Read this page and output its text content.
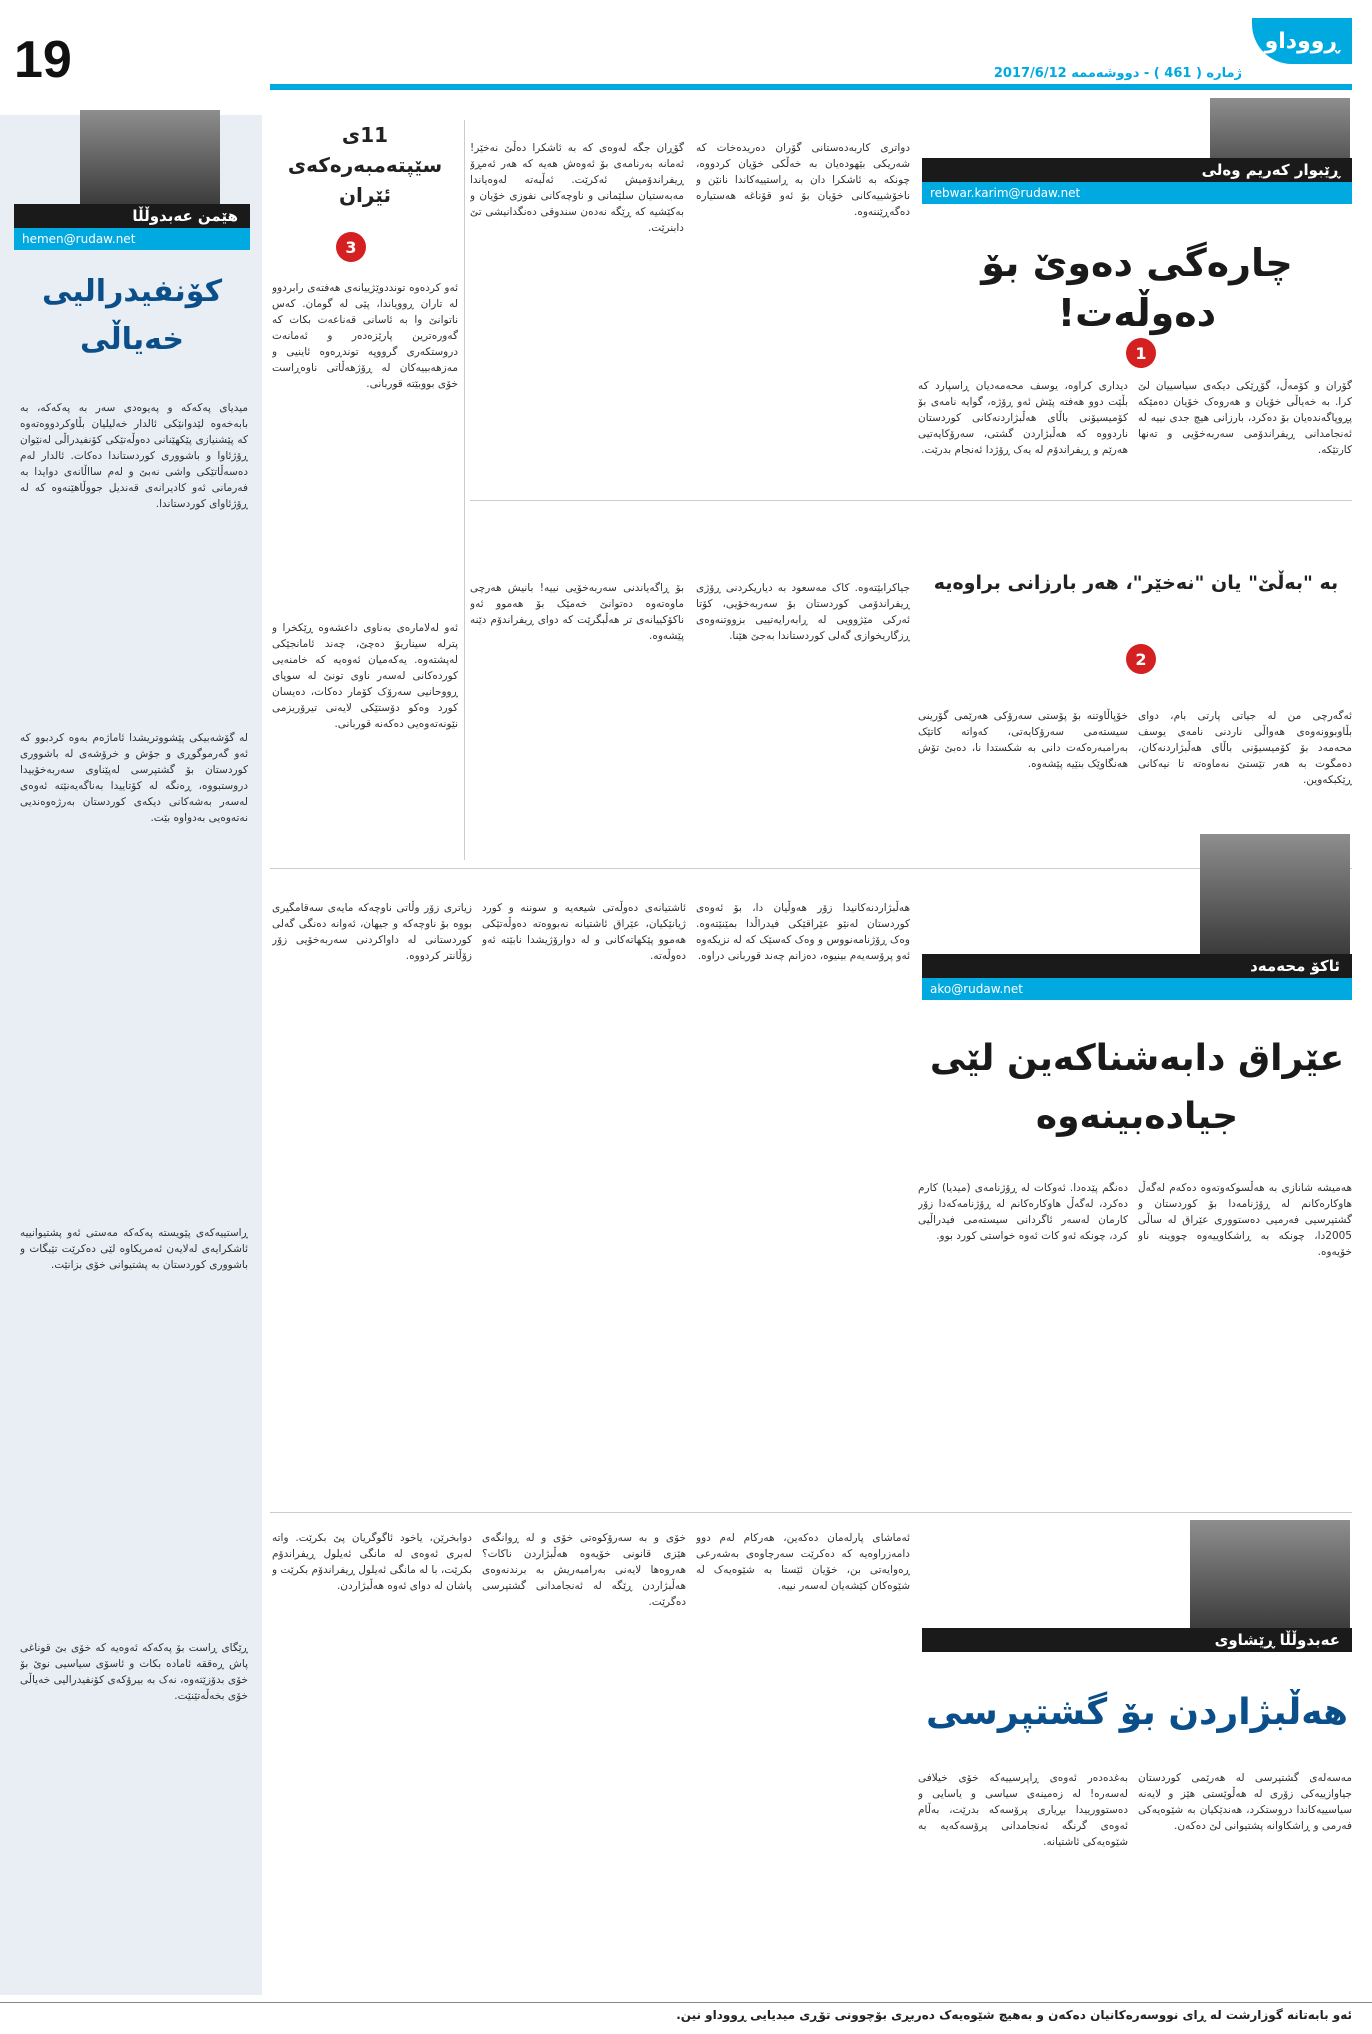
19	ڕووداو
ژمارە ( 461 ) - دووشەممە 2017/6/12
هێمن عەبدوڵڵا
hemen@rudaw.net
کۆنفیدرالیی خەیاڵی

میدیای پەکەکە و پەیوەدی سەر بە پەکەکە، بە بابەخەوە لێدوانێکی ئالدار خەلیلیان بڵاوکردووەتەوە کە پێشنیازی پێکهێنانی دەوڵەتێکی کۆنفیدراڵی لەنێوان ڕۆژئاوا و باشووری کوردستاندا دەکات. ئالدار لەم دەسەڵاتێکی واشی نەبێ و لەم سااڵانەی دوایدا بە فەرمانی ئەو کادیرانەی قەندیل جووڵاهێنەوە کە لە ڕۆژئاوای کوردستاندا.

لە گۆشەبیکی پێشووتریشدا ئاماژەم بەوە کردبوو کە ئەو گەرموگوڕی و جۆش و خرۆشەی لە باشووری کوردستان بۆ گشتپرسی لەپێناوی سەربەخۆییدا دروستبووە، ڕەنگە لە کۆتاییدا بەناگەیەنێتە ئەوەی لەسەر بەشەکانی دیکەی کوردستان بەرژەوەندیی نەتەوەیی بەدواوە بێت.

ڕاستییەکەی پێویستە پەکەکە مەستی ئەو پشتیوانییە ئاشکرایەی لەلایەن ئەمریکاوە لێی دەکرێت تێبگات و باشووری کوردستان بە پشتیوانی خۆی بزانێت.

ڕێگای ڕاست بۆ پەکەکە ئەوەیە کە خۆی بێ قوناغی پاش ڕەققە ئامادە بکات و ئاسۆی سیاسیی نوێ بۆ خۆی بدۆزێتەوە، نەک بە بیرۆکەی کۆنفیدرالیی خەیاڵی خۆی بخەڵەتێنێت.

ڕێبوار کەریم وەلی
rebwar.karim@rudaw.net
چارەگی دەوێ بۆ دەوڵەت!
1
گۆران و کۆمەڵ، گۆڕێکی دیکەی سیاسییان لێ کرا. بە خەیاڵی خۆیان و هەروەک خۆیان دەمێکە پڕوپاگەندەیان بۆ دەکرد، بارزانی هیچ جدی نییە لە ئەنجامدانی ڕیفراندۆمی سەربەخۆیی و تەنها کارتێکە.
دیداری کراوە، یوسف محەمەدیان ڕاسپارد کە بڵێت دوو هەفتە پێش ئەو ڕۆژە، گوایە نامەی بۆ کۆمیسیۆنی باڵای هەڵبژاردنەکانی کوردستان ناردووە کە هەڵبژاردن گشتی، سەرۆکایەتیی هەرێم و ڕیفراندۆم لە یەک ڕۆژدا ئەنجام بدرێت.
دواتری کاربەدەستانی گۆران دەریدەخات کە شەریکی بێهودەیان بە خەڵکی خۆیان کردووە، چونکە بە ئاشکرا دان بە ڕاستییەکاندا نانێن و ناخۆشییەکانی خۆیان بۆ ئەو قۆناغە هەستیارە دەگەڕێننەوە.
گۆڕان جگە لەوەی کە بە ئاشکرا دەڵێ نەخێر! ئەمانە بەرنامەی بۆ ئەوەش هەیە کە هەر ئەمڕۆ ڕیفراندۆمیش ئەکرێت. ئەڵبەتە لەوەیاندا مەبەستیان سلێمانی و ناوچەکانی نفوزی خۆیان و بەکێشیە کە ڕێگە نەدەن سندوقی دەنگدانیشی تێ دابنرێت.
11ی سێپتەمبەرەکەی ئێران
3
ئەو کردەوە تونددوێژییانەی هەفتەی رابردوو لە تاران ڕوویاندا، پێی لە گومان. کەس ناتوانێ وا بە ئاسانی قەناعەت بکات کە گەورەترین پارێزەدەر و ئەمانەت دروستکەری گرووپە توندڕەوە ئاینیی و مەزهەبییەکان لە ڕۆژهەڵاتی ناوەڕاست خۆی بووبێتە قوربانی.
ئەو لەلامارەی بەناوی داعشەوە ڕێکخرا و پترلە سیناریۆ دەچێ، چەند ئامانجێکی لەپشتەوە. یەکەمیان ئەوەیە کە خامنەیی کوردەکانی لەسەر ناوی تونێ لە سوپای ڕووحانیی سەرۆک کۆمار دەکات، دەیسان کورد وەکو دۆستێکی لایەنی تیرۆریزمی نێونەتەوەیی دەکەنە قوربانی.
بە "بەڵێ" یان "نەخێر"، هەر بارزانی براوەیە
2
ئەگەرچی من لە جیاتی پارتی بام، دوای بڵاوبوونەوەی هەواڵی ناردنی نامەی یوسف محەمەد بۆ کۆمیسیۆنی باڵای هەڵبژاردنەکان، دەمگوت بە هەر تێستێ نەماوەتە تا نیەکانی ڕێکبکەوین.
خۆپاڵاوتنە بۆ پۆستی سەرۆکی هەرێمی گۆرینی سیستەمی سەرۆکایەتی، کەواتە کاتێک بەرامبەرەکەت دانی بە شکستدا نا، دەبێ تۆش هەنگاوێک بنێیە پێشەوە.
جیاکرابێتەوە. کاک مەسعود بە دیاریکردنی ڕۆژی ڕیفراندۆمی کوردستان بۆ سەربەخۆیی، کۆتا ئەرکی مێژوویی لە ڕابەرایەتییی بزووتنەوەی ڕزگاریخوازی گەلی کوردستاندا بەجێ هێنا.
بۆ ڕاگەیاندنی سەربەخۆیی نییە! بانیش هەرچی ماوەتەوە دەتوانێ خەمێک بۆ هەموو ئەو ناکۆکییانەی تر هەڵبگرێت کە دوای ڕیفراندۆم دێنە پێشەوە.
ئاکۆ محەمەد
ako@rudaw.net
عێراق دابەشناکەین لێی جیادەبینەوە
هەمیشە شانازی بە هەڵسوکەوتەوە دەکەم لەگەڵ هاوکارەکانم لە ڕۆژنامەدا بۆ کوردستان و گشتپرسیی فەرمیی دەستووری عێراق لە ساڵی 2005دا، چونکە بە ڕاشکاوییەوە چووینە ناو خۆیەوە.
دەنگم پێدەدا. ئەوکات لە ڕۆژنامەی (میدیا) کارم دەکرد، لەگەڵ هاوکارەکانم لە ڕۆژنامەکەدا زۆر کارمان لەسەر ئاگردانی سیستەمی فیدراڵیی کرد، چونکە ئەو کات ئەوە خواستی کورد بوو.
هەڵبژاردنەکانیدا زۆر هەوڵیان دا، بۆ ئەوەی کوردستان لەنێو عێراقێکی فیدراڵدا بمێنێتەوە. وەک ڕۆژنامەنووس و وەک کەسێک کە لە نزیکەوە ئەو پرۆسەیەم بینیوە، دەزانم چەند قوربانی دراوە.
ئاشتیانەی دەوڵەتی شیعەیە و سوننە و کورد ژیانێکیان، عێراق ئاشتیانە نەبووەتە دەوڵەتێکی هەموو پێکهاتەکانی و لە دوارۆژیشدا نابێتە ئەو دەوڵەتە.
زیاتری زۆر وڵاتی ناوچەکە مایەی سەقامگیری بووە بۆ ناوچەکە و جیهان، ئەوانە دەنگی گەلی کوردستانی لە داواکردنی سەربەخۆیی زۆر زۆڵانتر کردووە.
عەبدوڵڵا ڕێشاوی
هەڵبژاردن بۆ گشتپرسی
مەسەلەی گشتپرسی لە هەرێمی کوردستان جیاوازییەکی زۆری لە هەڵوێستی هێز و لایەنە سیاسییەکاندا دروستکرد، هەندێکیان بە شێوەیەکی فەرمی و ڕاشکاوانە پشتیوانی لێ دەکەن.
بەغدەدەر ئەوەی ڕاپرسییەکە خۆی خیلافی لەسەرە! لە زەمینەی سیاسی و یاسایی و دەستوورییدا بڕیاری پرۆسەکە بدرێت، بەڵام ئەوەی گرنگە ئەنجامدانی پرۆسەکەیە بە شێوەیەکی ئاشتیانە.
ئەماشای پارلەمان دەکەین، هەرکام لەم دوو دامەزراوەیە کە دەکرێت سەرچاوەی بەشەرعی ڕەوایەتی بن، خۆیان ئێستا بە شێوەیەک لە شێوەکان کێشەیان لەسەر نییە.
خۆی و بە سەرۆکوەتی خۆی و لە ڕوانگەی هێزی قانونی خۆیەوە هەڵبژاردن ناکات؟ هەروەها لایەنی بەرامبەریش بە برندنەوەی هەڵبژاردن ڕێگە لە ئەنجامدانی گشتپرسی دەگرێت.
دوابخرێن، یاخود ئاگوگریان پێ بکرێت. واتە لەبری ئەوەی لە مانگی ئەیلول ڕیفراندۆم بکرێت، با لە مانگی ئەیلول ڕیفراندۆم بکرێت و پاشان لە دوای ئەوە هەڵبژاردن.
ئەو بابەتانە گوزارشت لە ڕای نووسەرەکانیان دەکەن و بەهیچ شێوەیەک دەربڕی بۆچوونی تۆڕی میدیایی ڕووداو نین.
